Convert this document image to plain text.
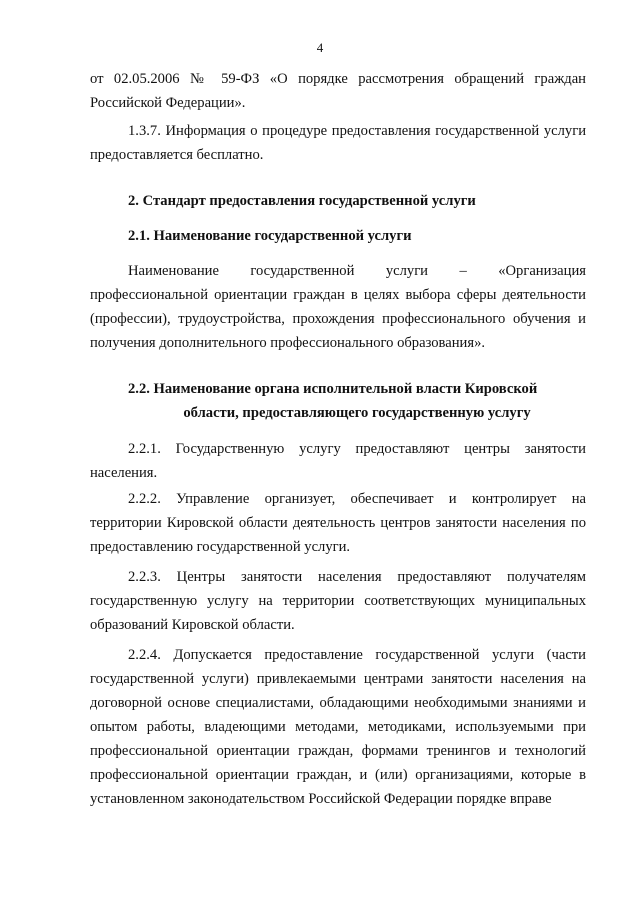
4

от 02.05.2006 № 59-ФЗ «О порядке рассмотрения обращений граждан Российской Федерации».

1.3.7. Информация о процедуре предоставления государственной услуги предоставляется бесплатно.

2. Стандарт предоставления государственной услуги

2.1. Наименование государственной услуги

Наименование государственной услуги – «Организация профессиональной ориентации граждан в целях выбора сферы деятельности (профессии), трудоустройства, прохождения профессионального обучения и получения дополнительного профессионального образования».

2.2. Наименование органа исполнительной власти Кировской

области, предоставляющего государственную услугу

2.2.1. Государственную услугу предоставляют центры занятости населения.

2.2.2. Управление организует, обеспечивает и контролирует на территории Кировской области деятельность центров занятости населения по предоставлению государственной услуги.

2.2.3. Центры занятости населения предоставляют получателям государственную услугу на территории соответствующих муниципальных образований Кировской области.

2.2.4. Допускается предоставление государственной услуги (части государственной услуги) привлекаемыми центрами занятости населения на договорной основе специалистами, обладающими необходимыми знаниями и опытом работы, владеющими методами, методиками, используемыми при профессиональной ориентации граждан, формами тренингов и технологий профессиональной ориентации граждан, и (или) организациями, которые в установленном законодательством Российской Федерации порядке вправе
